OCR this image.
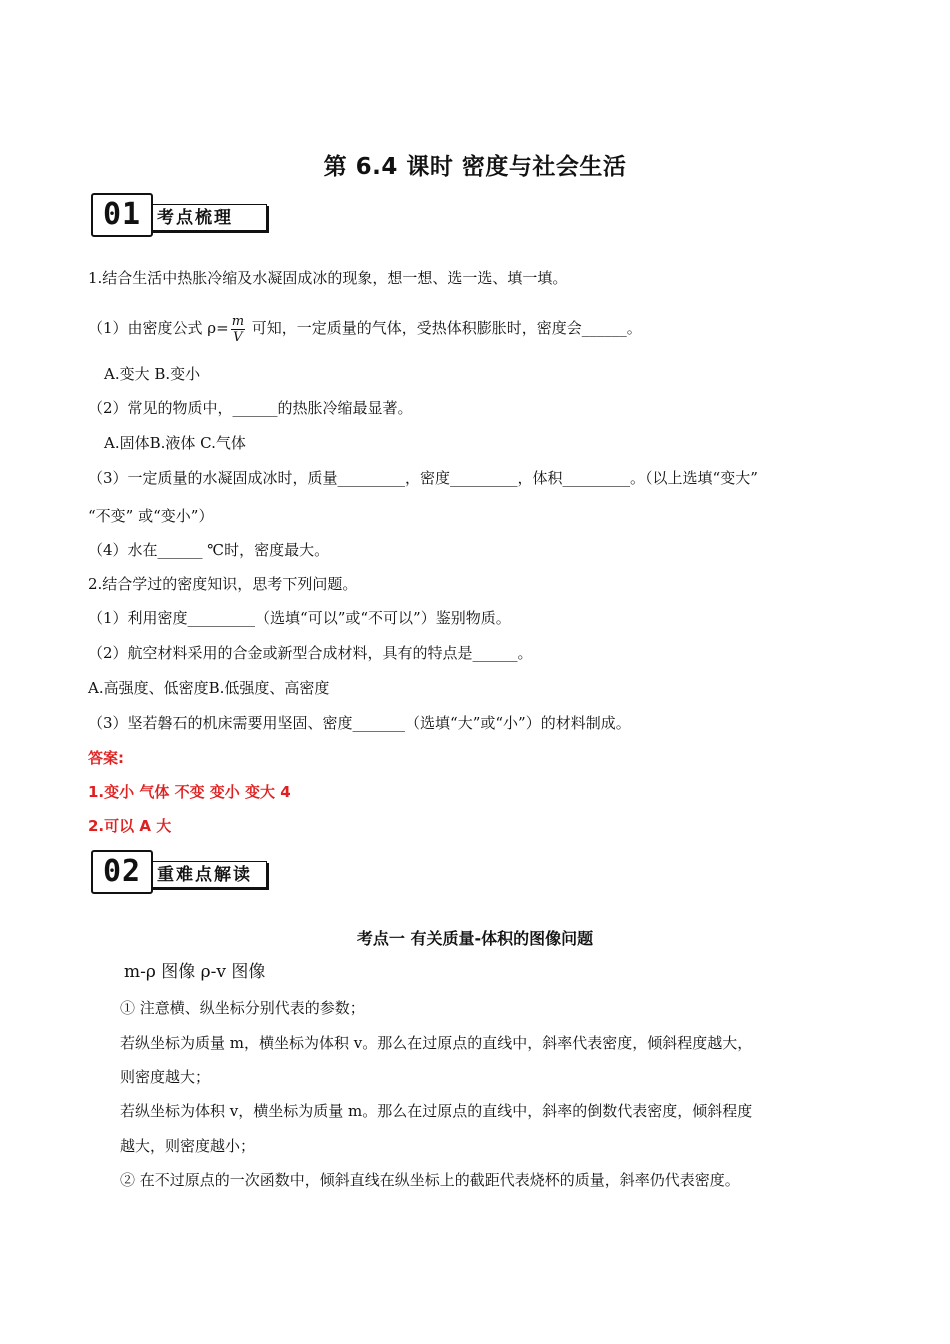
第 6.4 课时 密度与社会生活
01 考点梳理
1.结合生活中热胀冷缩及水凝固成冰的现象，想一想、选一选、填一填。
（1）由密度公式 $\rho= \frac{m}{V}$ 可知，一定质量的气体，受热体积膨胀时，密度会______。
A.变大 B.变小
（2）常见的物质中，______的热胀冷缩最显著。
A.固体B.液体 C.气体
（3）一定质量的水凝固成冰时，质量_________，密度_________，体积_________。（以上选填“变大”
“不变” 或“变小”）
（4）水在______ ℃时，密度最大。
2.结合学过的密度知识，思考下列问题。
（1）利用密度_________（选填“可以”或“不可以”）鉴别物质。
（2）航空材料采用的合金或新型合成材料，具有的特点是______。
A.高强度、低密度B.低强度、高密度
（3）坚若磐石的机床需要用坚固、密度_______（选填“大”或“小”）的材料制成。
答案:
1.变小 气体 不变 变小 变大 4
2.可以 A 大
02 重难点解读
考点一 有关质量-体积的图像问题
m-ρ 图像 ρ-v 图像
① 注意横、纵坐标分别代表的参数；
若纵坐标为质量 m，横坐标为体积 v。那么在过原点的直线中，斜率代表密度，倾斜程度越大，
则密度越大；
若纵坐标为体积 v，横坐标为质量 m。那么在过原点的直线中，斜率的倒数代表密度，倾斜程度
越大，则密度越小；
② 在不过原点的一次函数中，倾斜直线在纵坐标上的截距代表烧杯的质量，斜率仍代表密度。
